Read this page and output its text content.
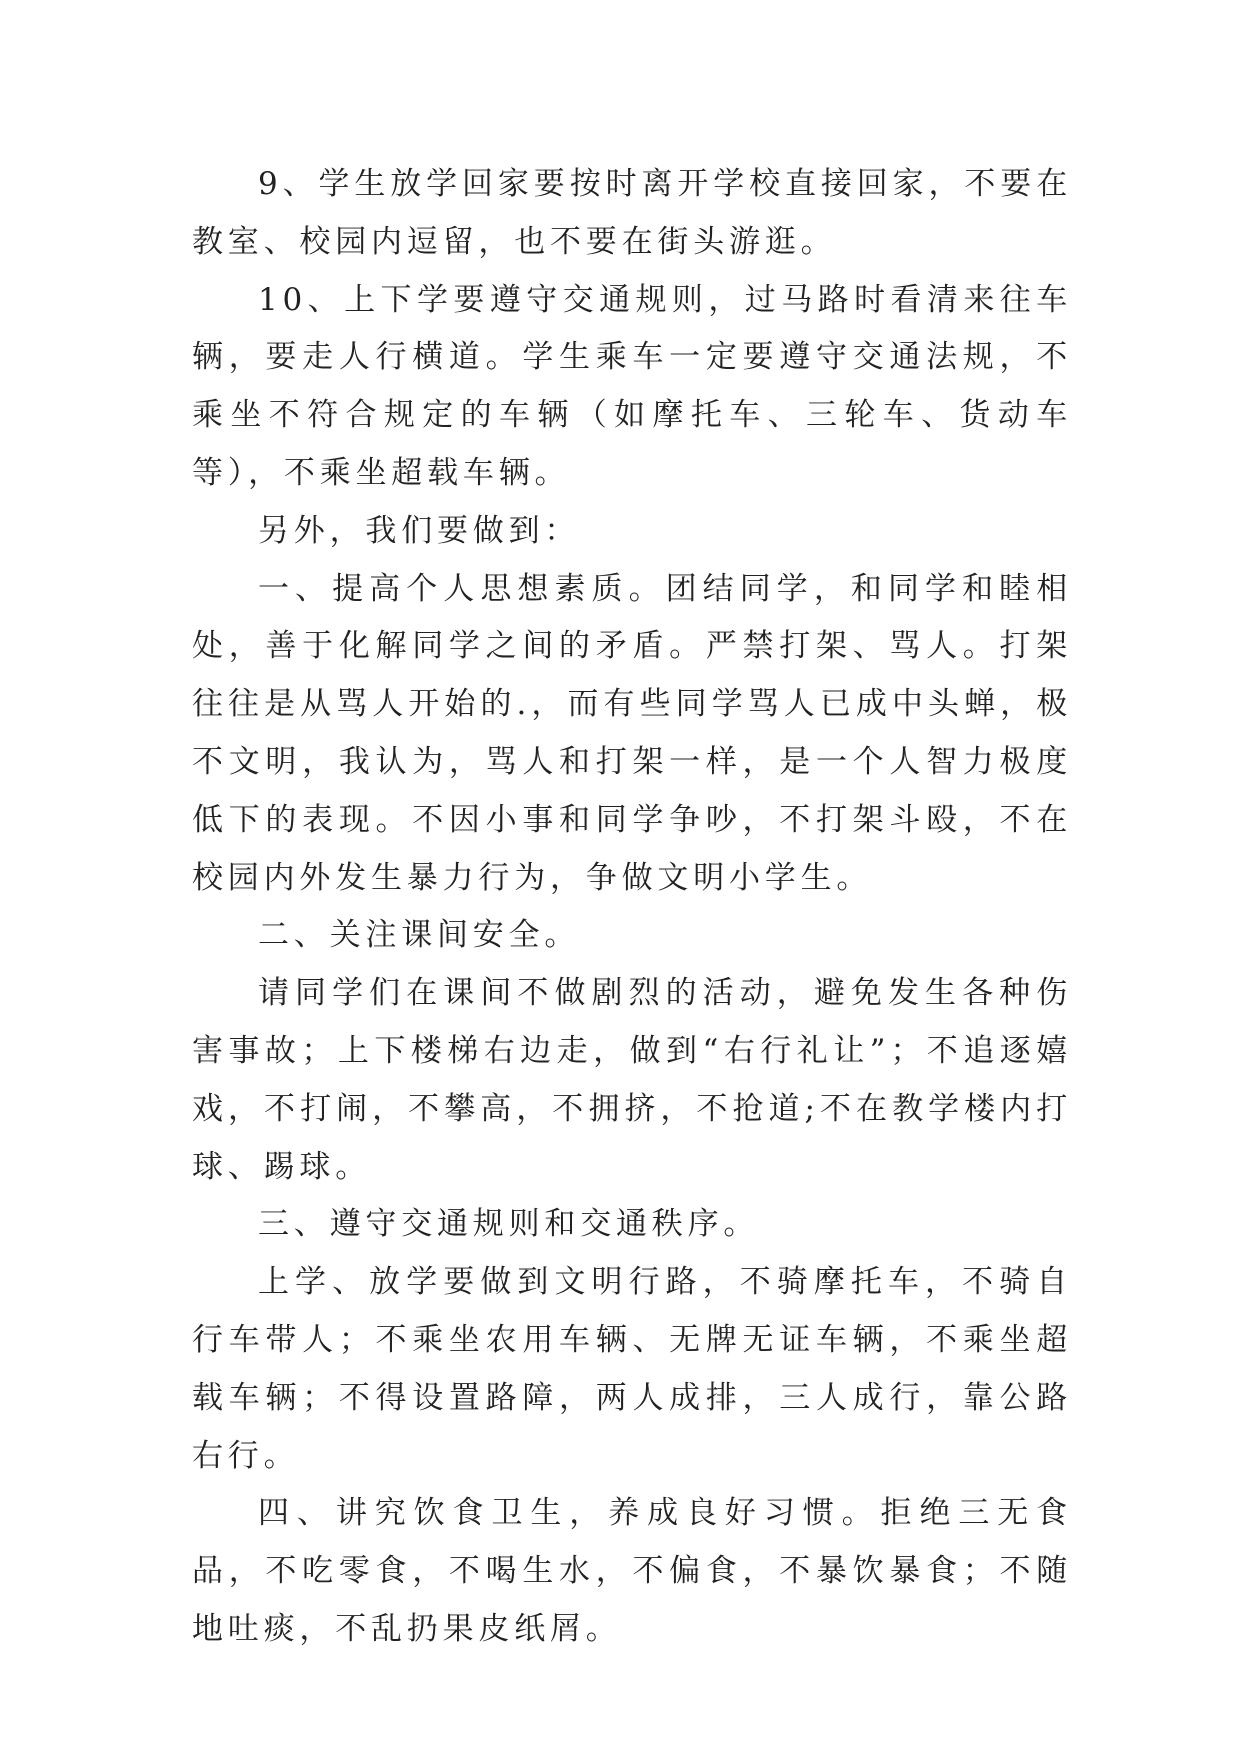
9、学生放学回家要按时离开学校直接回家，不要在教室、校园内逗留，也不要在街头游逛。

10、上下学要遵守交通规则，过马路时看清来往车辆，要走人行横道。学生乘车一定要遵守交通法规，不乘坐不符合规定的车辆（如摩托车、三轮车、货动车等），不乘坐超载车辆。

另外，我们要做到：

一、提高个人思想素质。团结同学，和同学和睦相处，善于化解同学之间的矛盾。严禁打架、骂人。打架往往是从骂人开始的.，而有些同学骂人已成中头蝉，极不文明，我认为，骂人和打架一样，是一个人智力极度低下的表现。不因小事和同学争吵，不打架斗殴，不在校园内外发生暴力行为，争做文明小学生。

二、关注课间安全。

请同学们在课间不做剧烈的活动，避免发生各种伤害事故；上下楼梯右边走，做到“右行礼让”；不追逐嬉戏，不打闹，不攀高，不拥挤，不抢道;不在教学楼内打球、踢球。

三、遵守交通规则和交通秩序。

上学、放学要做到文明行路，不骑摩托车，不骑自行车带人；不乘坐农用车辆、无牌无证车辆，不乘坐超载车辆；不得设置路障，两人成排，三人成行，靠公路右行。

四、讲究饮食卫生，养成良好习惯。拒绝三无食品，不吃零食，不喝生水，不偏食，不暴饮暴食；不随地吐痰，不乱扔果皮纸屑。
